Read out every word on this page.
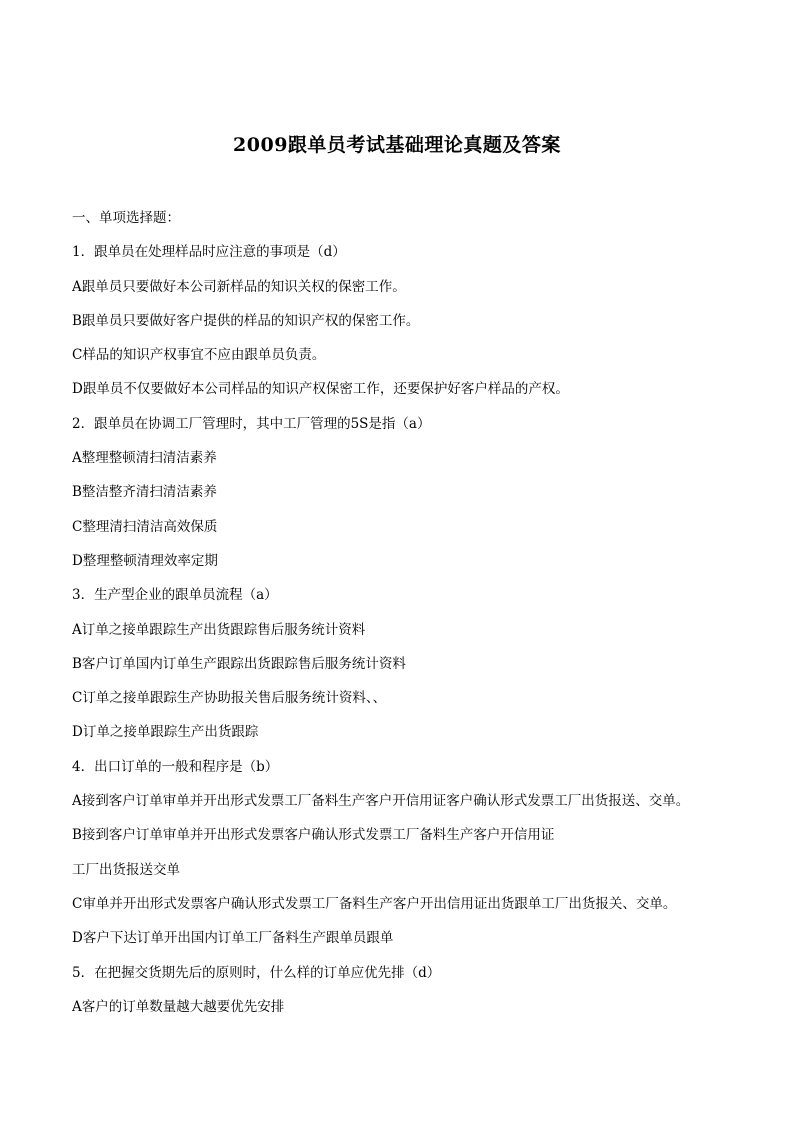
2009跟单员考试基础理论真题及答案
一、单项选择题：
1．跟单员在处理样品时应注意的事项是（d）
A跟单员只要做好本公司新样品的知识关权的保密工作。
B跟单员只要做好客户提供的样品的知识产权的保密工作。
C样品的知识产权事宜不应由跟单员负责。
D跟单员不仅要做好本公司样品的知识产权保密工作，还要保护好客户样品的产权。
2．跟单员在协调工厂管理时，其中工厂管理的5S是指（a）
A整理整顿清扫清洁素养
B整洁整齐清扫清洁素养
C整理清扫清洁高效保质
D整理整顿清理效率定期
3．生产型企业的跟单员流程（a）
A订单之接单跟踪生产出货跟踪售后服务统计资料
B客户订单国内订单生产跟踪出货跟踪售后服务统计资料
C订单之接单跟踪生产协助报关售后服务统计资料、、
D订单之接单跟踪生产出货跟踪
4．出口订单的一般和程序是（b）
A接到客户订单审单并开出形式发票工厂备料生产客户开信用证客户确认形式发票工厂出货报送、交单。
B接到客户订单审单并开出形式发票客户确认形式发票工厂备料生产客户开信用证
工厂出货报送交单
C审单并开出形式发票客户确认形式发票工厂备料生产客户开出信用证出货跟单工厂出货报关、交单。
D客户下达订单开出国内订单工厂备料生产跟单员跟单
5．在把握交货期先后的原则时，什么样的订单应优先排（d）
A客户的订单数量越大越要优先安排
